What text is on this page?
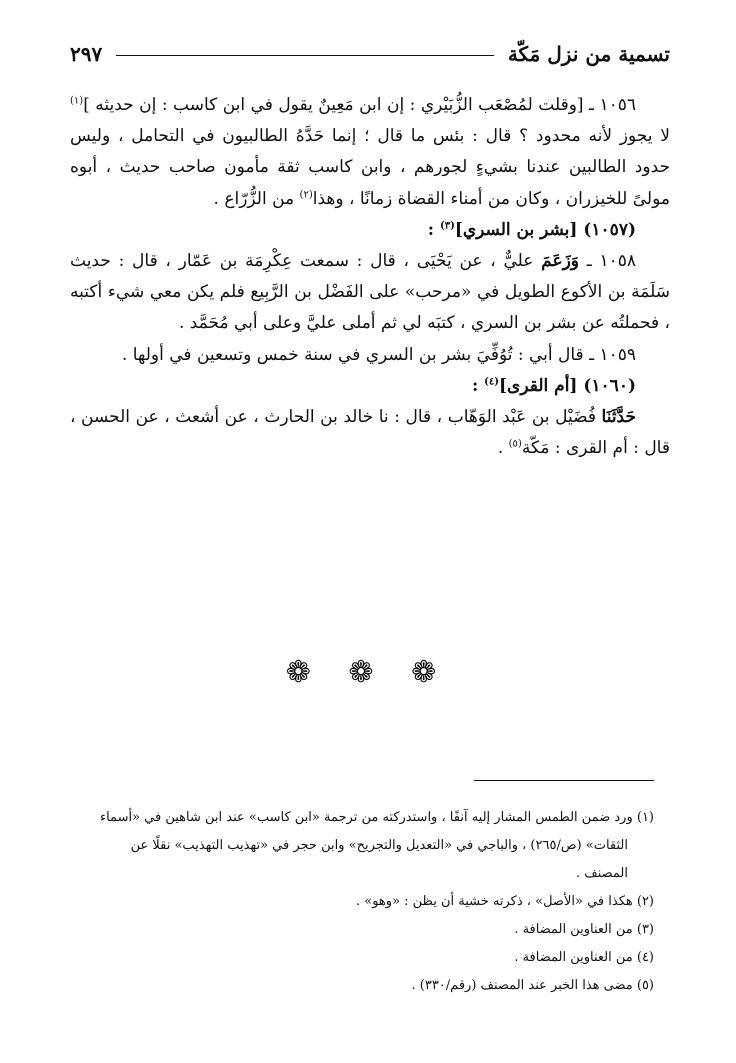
تسمية من نزل مَكّة
٢٩٧

١٠٥٦ ـ [وقلت لمُصْعَب الزُّبَيْري : إن ابن مَعِينٌ يقول في ابن كاسب : إن حديثه ]$^{(١)}$ لا يجوز لأنه محدود ؟ قال : بئس ما قال ؛ إنما حَدَّهُ الطالبيون في التحامل ، وليس حدود الطالبين عندنا بشيءٍ لجورهم ، وابن كاسب ثقة مأمون صاحب حديث ، أبوه مولىً للخيزران ، وكان من أمناء القضاة زمانًا ، وهذا$^{(٢)}$ من الزُّرّاع .

(١٠٥٧) [بشر بن السري]$^{(٣)}$ :

١٠٥٨ ـ وَزَعَمَ عليٌّ ، عن يَحْيَى ، قال : سمعت عِكْرِمَة بن عَمّار ، قال : حديث سَلَمَة بن الأكوع الطويل في «مرحب» على الفَضْل بن الرَّبِيع فلم يكن معي شيء أكتبه ، فحملتُه عن بشر بن السري ، كتبَه لي ثم أملى عليَّ وعلى أبي مُحَمَّد .

١٠٥٩ ـ قال أبي : تُوُفِّيَ بشر بن السري في سنة خمس وتسعين في أولها .

(١٠٦٠) [أم القرى]$^{(٤)}$ :

حَدَّثَنَا فُضَيْل بن عَبْد الوَهّاب ، قال : نا خالد بن الحارث ، عن أشعث ، عن الحسن ، قال : أم القرى : مَكّة$^{(٥)}$ .

❁ ❁ ❁

(١) ورد ضمن الطمس المشار إليه آنفًا ، واستدركته من ترجمة «ابن كاسب» عند ابن شاهين في «أسماء

الثقات» (ص/٢٦٥) ، والباجي في «التعديل والتجريح» وابن حجر في «تهذيب التهذيب» نقلًا عن

المصنف .

(٢) هكذا في «الأصل» ، ذكرته خشية أن يظن : «وهو» .

(٣) من العناوين المضافة .

(٤) من العناوين المضافة .

(٥) مضى هذا الخبر عند المصنف (رقم/٣٣٠) .
